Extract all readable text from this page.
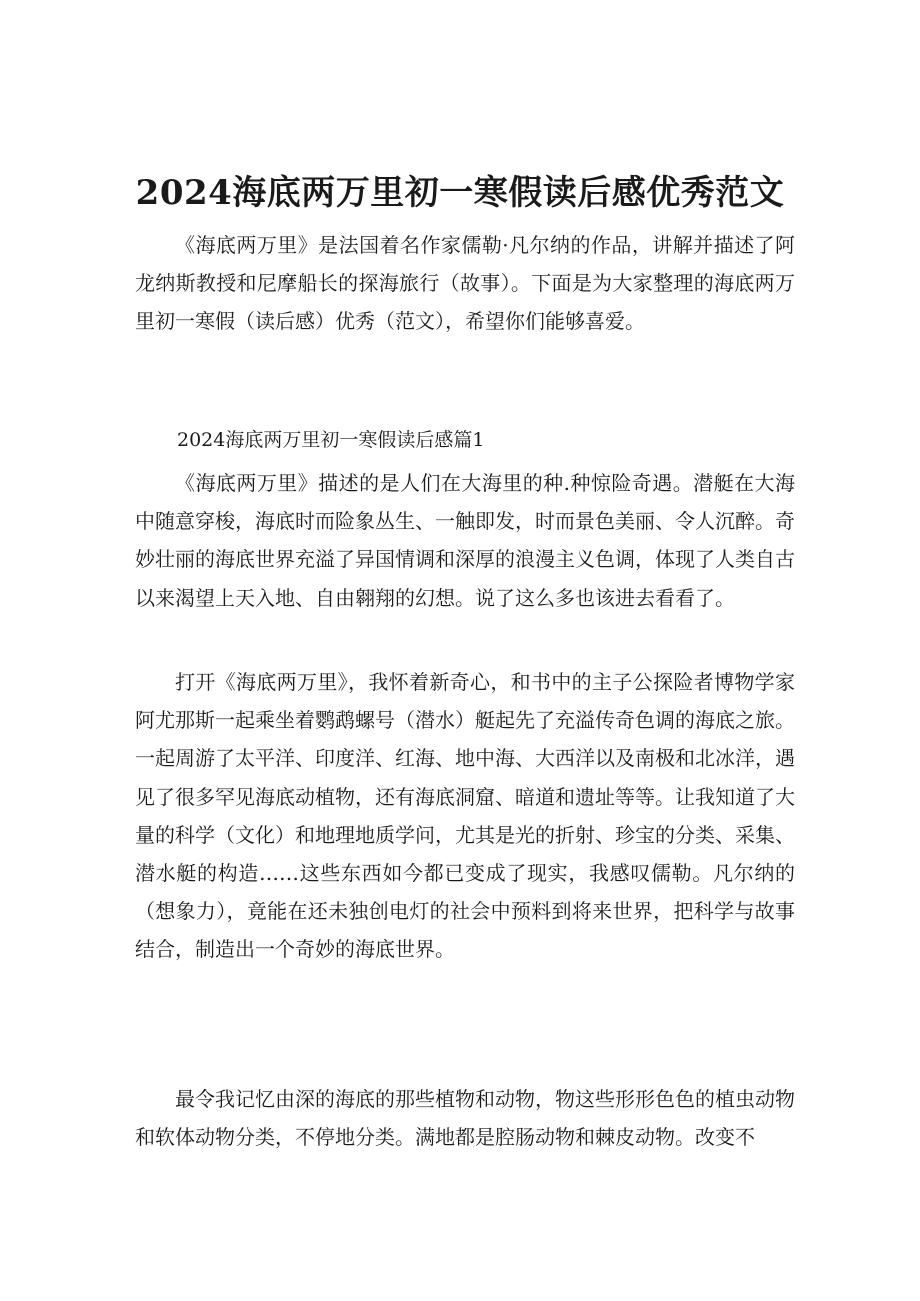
2024海底两万里初一寒假读后感优秀范文

《海底两万里》是法国着名作家儒勒·凡尔纳的作品，讲解并描述了阿龙纳斯教授和尼摩船长的探海旅行（故事）。下面是为大家整理的海底两万里初一寒假（读后感）优秀（范文），希望你们能够喜爱。

2024海底两万里初一寒假读后感篇1

《海底两万里》描述的是人们在大海里的种.种惊险奇遇。潜艇在大海中随意穿梭，海底时而险象丛生、一触即发，时而景色美丽、令人沉醉。奇妙壮丽的海底世界充溢了异国情调和深厚的浪漫主义色调，体现了人类自古以来渴望上天入地、自由翱翔的幻想。说了这么多也该进去看看了。

打开《海底两万里》，我怀着新奇心，和书中的主子公探险者博物学家阿尤那斯一起乘坐着鹦鹉螺号（潜水）艇起先了充溢传奇色调的海底之旅。一起周游了太平洋、印度洋、红海、地中海、大西洋以及南极和北冰洋，遇见了很多罕见海底动植物，还有海底洞窟、暗道和遗址等等。让我知道了大量的科学（文化）和地理地质学问，尤其是光的折射、珍宝的分类、采集、潜水艇的构造……这些东西如今都已变成了现实，我感叹儒勒。凡尔纳的（想象力），竟能在还未独创电灯的社会中预料到将来世界，把科学与故事结合，制造出一个奇妙的海底世界。

最令我记忆由深的海底的那些植物和动物，物这些形形色色的植虫动物和软体动物分类，不停地分类。满地都是腔肠动物和棘皮动物。改变不
